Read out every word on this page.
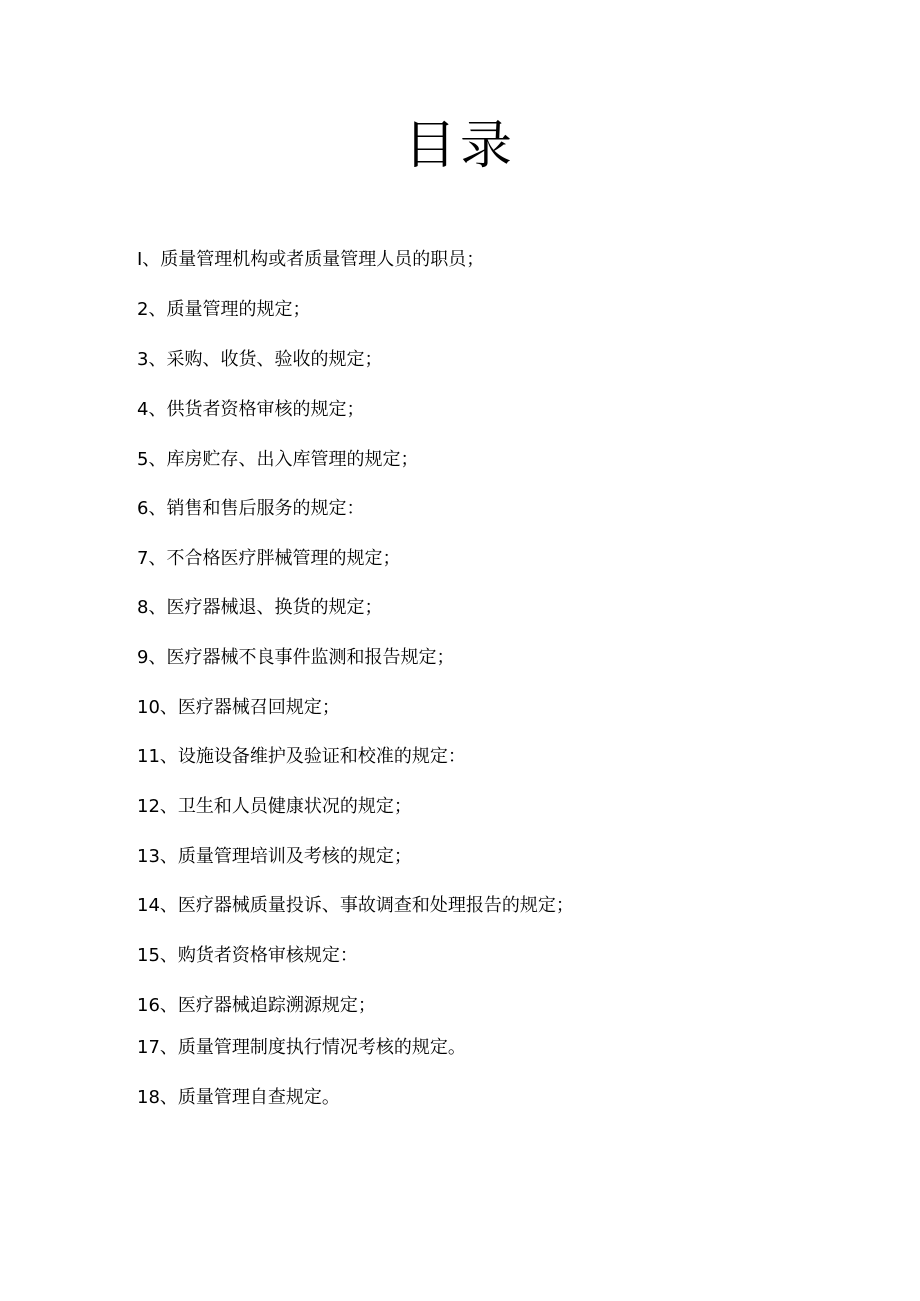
目录
I、质量管理机构或者质量管理人员的职员；
2、质量管理的规定；
3、采购、收货、验收的规定；
4、供货者资格审核的规定；
5、库房贮存、出入库管理的规定；
6、销售和售后服务的规定：
7、不合格医疗胖械管理的规定；
8、医疗器械退、换货的规定；
9、医疗器械不良事件监测和报告规定；
10、医疗器械召回规定；
11、设施设备维护及验证和校准的规定：
12、卫生和人员健康状况的规定；
13、质量管理培训及考核的规定；
14、医疗器械质量投诉、事故调查和处理报告的规定；
15、购货者资格审核规定：
16、医疗器械追踪溯源规定；
17、质量管理制度执行情况考核的规定。
18、质量管理自查规定。
